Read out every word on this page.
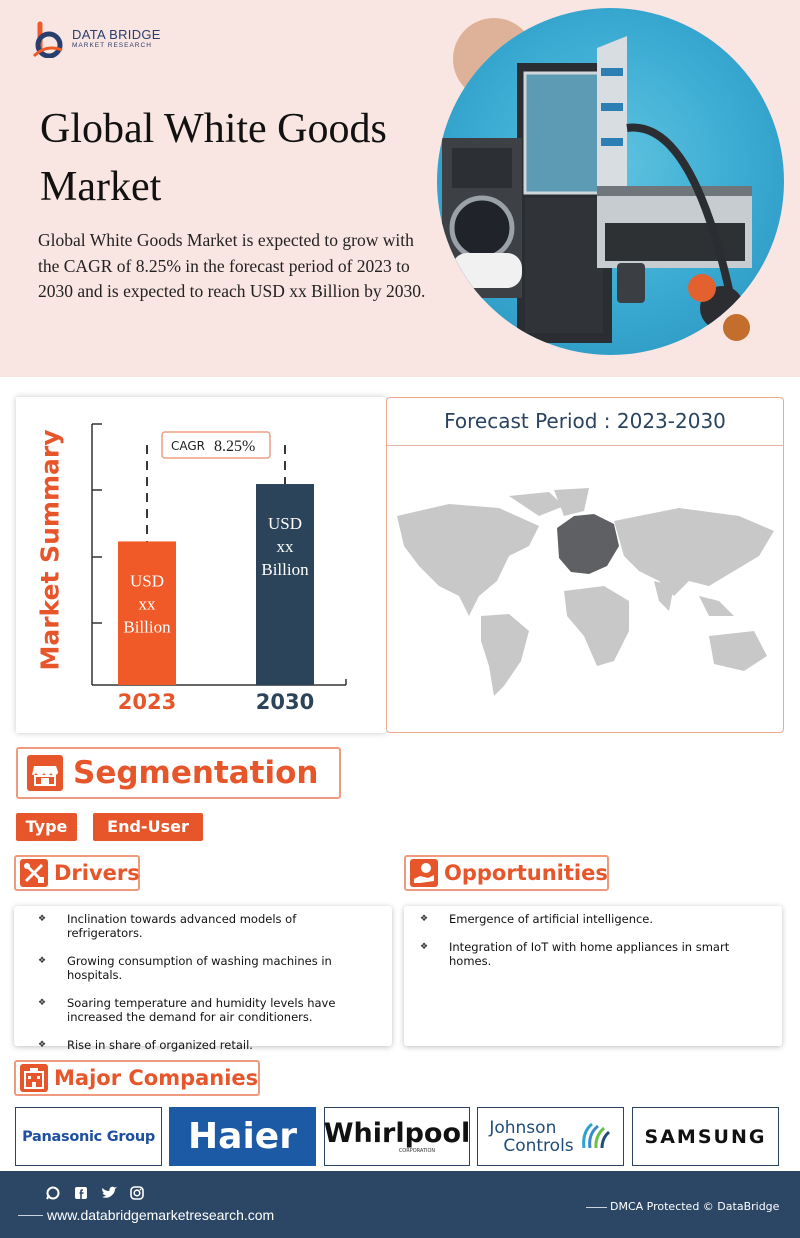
DATA BRIDGE
MARKET RESEARCH
Global White Goods Market

Global White Goods Market is expected to grow with the CAGR of 8.25% in the forecast period of 2023 to 2030 and is expected to reach USD xx Billion by 2030.

Market Summary	USD
xx
Billion
2023
USD
xx
Billion
2030
CAGR 8.25%
Forecast Period : 2023-2030
Segmentation
Type	End-User
Drivers
❖ Inclination towards advanced models of refrigerators.
❖ Growing consumption of washing machines in hospitals.
❖ Soaring temperature and humidity levels have increased the demand for air conditioners.
❖ Rise in share of organized retail.
Opportunities
❖ Emergence of artificial intelligence.
❖ Integration of IoT with home appliances in smart homes.
Major Companies
Panasonic Group Haier Whirlpool
CORPORATION
Johnson
Controls	SAMSUNG
www.databridgemarketresearch.com
DMCA Protected © DataBridge
